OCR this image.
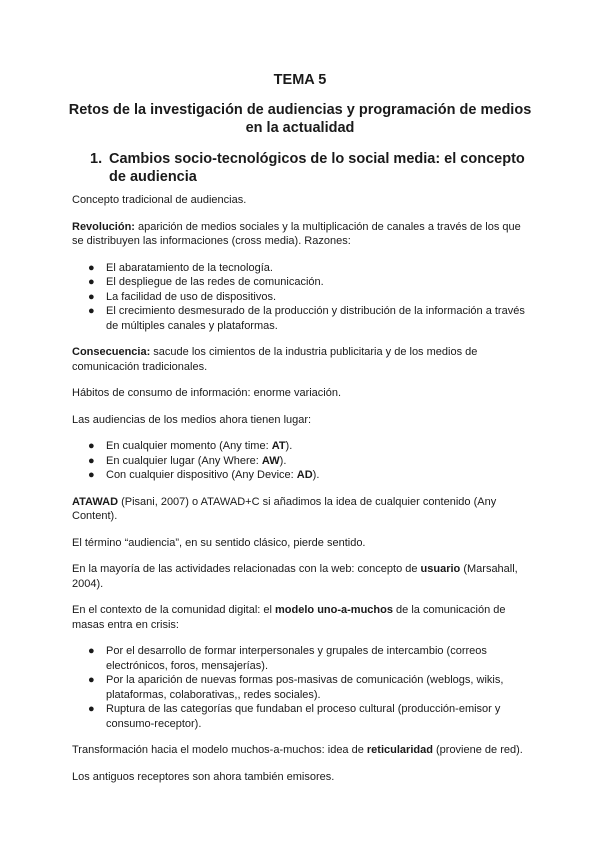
TEMA 5
Retos de la investigación de audiencias y programación de medios en la actualidad
1. Cambios socio-tecnológicos de lo social media: el concepto de audiencia

Concepto tradicional de audiencias.

Revolución: aparición de medios sociales y la multiplicación de canales a través de los que se distribuyen las informaciones (cross media). Razones:

● El abaratamiento de la tecnología.
● El despliegue de las redes de comunicación.
● La facilidad de uso de dispositivos.
● El crecimiento desmesurado de la producción y distribución de la información a través de múltiples canales y plataformas.

Consecuencia: sacude los cimientos de la industria publicitaria y de los medios de comunicación tradicionales.

Hábitos de consumo de información: enorme variación.

Las audiencias de los medios ahora tienen lugar:

● En cualquier momento (Any time: AT).
● En cualquier lugar (Any Where: AW).
● Con cualquier dispositivo (Any Device: AD).

ATAWAD (Pisani, 2007) o ATAWAD+C si añadimos la idea de cualquier contenido (Any Content).

El término “audiencia”, en su sentido clásico, pierde sentido.

En la mayoría de las actividades relacionadas con la web: concepto de usuario (Marsahall, 2004).

En el contexto de la comunidad digital: el modelo uno-a-muchos de la comunicación de masas entra en crisis:

● Por el desarrollo de formar interpersonales y grupales de intercambio (correos electrónicos, foros, mensajerías).
● Por la aparición de nuevas formas pos-masivas de comunicación (weblogs, wikis, plataformas, colaborativas,, redes sociales).
● Ruptura de las categorías que fundaban el proceso cultural (producción-emisor y consumo-receptor).

Transformación hacia el modelo muchos-a-muchos: idea de reticularidad (proviene de red).

Los antiguos receptores son ahora también emisores.
